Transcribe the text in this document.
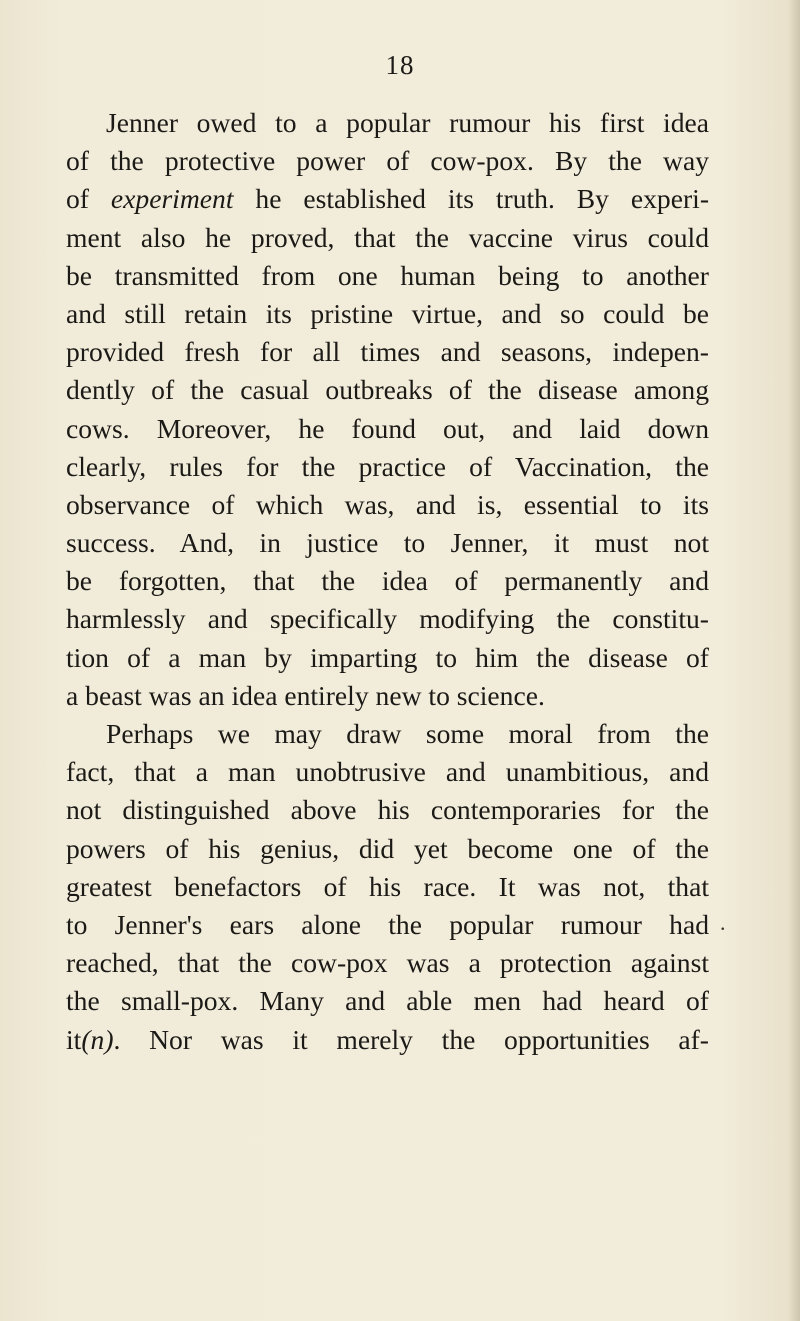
18
Jenner owed to a popular rumour his first idea
of the protective power of cow-pox. By the way
of experiment he established its truth. By experi-
ment also he proved, that the vaccine virus could
be transmitted from one human being to another
and still retain its pristine virtue, and so could be
provided fresh for all times and seasons, indepen-
dently of the casual outbreaks of the disease among
cows. Moreover, he found out, and laid down
clearly, rules for the practice of Vaccination, the
observance of which was, and is, essential to its
success. And, in justice to Jenner, it must not
be forgotten, that the idea of permanently and
harmlessly and specifically modifying the constitu-
tion of a man by imparting to him the disease of
a beast was an idea entirely new to science.
Perhaps we may draw some moral from the
fact, that a man unobtrusive and unambitious, and
not distinguished above his contemporaries for the
powers of his genius, did yet become one of the
greatest benefactors of his race. It was not, that
to Jenner's ears alone the popular rumour had
reached, that the cow-pox was a protection against
the small-pox. Many and able men had heard of
it(n). Nor was it merely the opportunities af-
.
